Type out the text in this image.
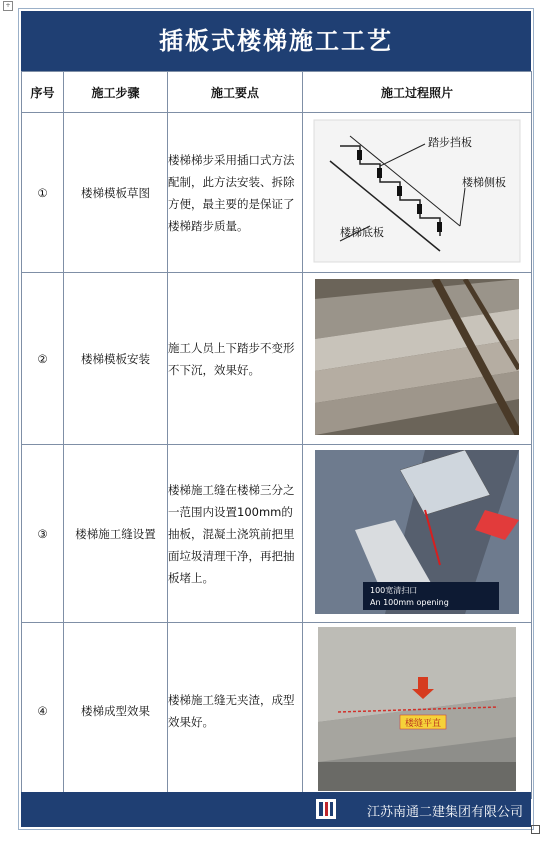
+
插板式楼梯施工工艺
序号	施工步骤	施工要点	施工过程照片
①	楼梯模板草图	楼梯梯步采用插口式方法配制，此方法安装、拆除方便，最主要的是保证了楼梯踏步质量。	踏步挡板
楼梯侧板
楼梯底板

②	楼梯模板安装	施工人员上下踏步不变形不下沉，效果好。	
③	楼梯施工缝设置	楼梯施工缝在楼梯三分之一范围内设置100mm的抽板，混凝土浇筑前把里面垃圾清理干净，再把抽板堵上。	100宽清扫口
An 100mm opening

④	楼梯成型效果	楼梯施工缝无夹渣，成型效果好。	楼缝平直
江苏南通二建集团有限公司
